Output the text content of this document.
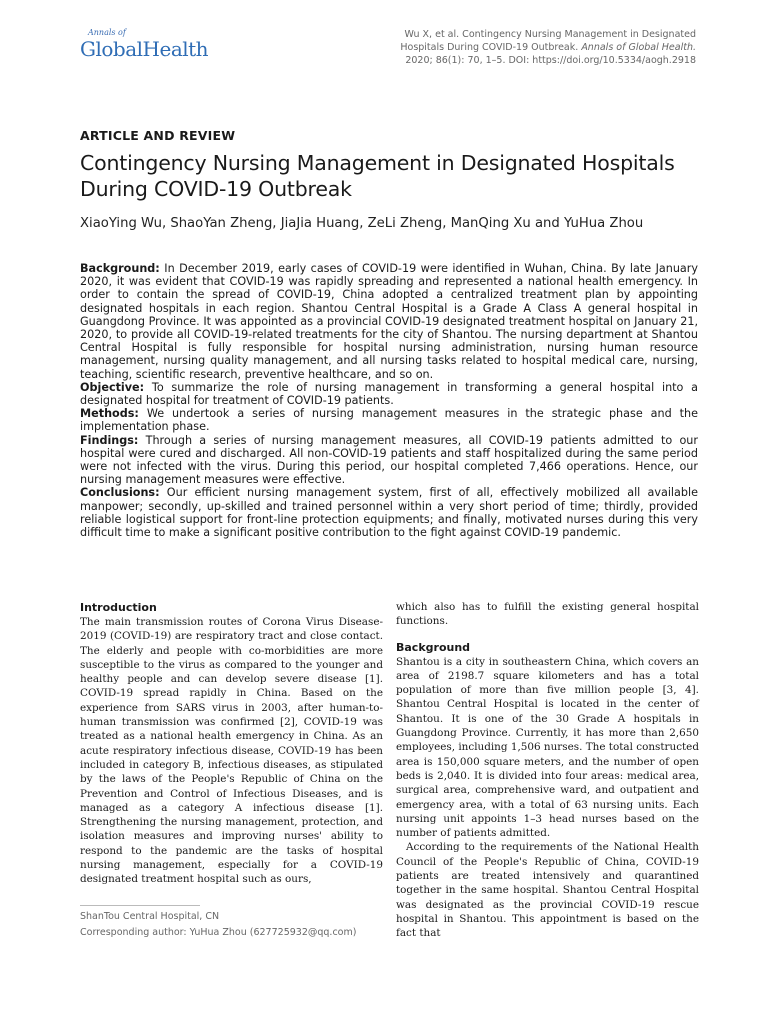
Annals of
GlobalHealth
Wu X, et al. Contingency Nursing Management in Designated Hospitals During COVID-19 Outbreak. Annals of Global Health. 2020; 86(1): 70, 1–5. DOI: https://doi.org/10.5334/aogh.2918
ARTICLE AND REVIEW
Contingency Nursing Management in Designated Hospitals During COVID-19 Outbreak
XiaoYing Wu, ShaoYan Zheng, JiaJia Huang, ZeLi Zheng, ManQing Xu and YuHua Zhou

Background: In December 2019, early cases of COVID-19 were identified in Wuhan, China. By late January 2020, it was evident that COVID-19 was rapidly spreading and represented a national health emergency. In order to contain the spread of COVID-19, China adopted a centralized treatment plan by appointing designated hospitals in each region. Shantou Central Hospital is a Grade A Class A general hospital in Guangdong Province. It was appointed as a provincial COVID-19 designated treatment hospital on January 21, 2020, to provide all COVID-19-related treatments for the city of Shantou. The nursing department at Shantou Central Hospital is fully responsible for hospital nursing administration, nursing human resource management, nursing quality management, and all nursing tasks related to hospital medical care, nursing, teaching, scientific research, preventive healthcare, and so on.

Objective: To summarize the role of nursing management in transforming a general hospital into a designated hospital for treatment of COVID-19 patients.

Methods: We undertook a series of nursing management measures in the strategic phase and the implementation phase.

Findings: Through a series of nursing management measures, all COVID-19 patients admitted to our hospital were cured and discharged. All non-COVID-19 patients and staff hospitalized during the same period were not infected with the virus. During this period, our hospital completed 7,466 operations. Hence, our nursing management measures were effective.

Conclusions: Our efficient nursing management system, first of all, effectively mobilized all available manpower; secondly, up-skilled and trained personnel within a very short period of time; thirdly, provided reliable logistical support for front-line protection equipments; and finally, motivated nurses during this very difficult time to make a significant positive contribution to the fight against COVID-19 pandemic.

Introduction

The main transmission routes of Corona Virus Disease-2019 (COVID-19) are respiratory tract and close contact. The elderly and people with co-morbidities are more susceptible to the virus as compared to the younger and healthy people and can develop severe disease [1]. COVID-19 spread rapidly in China. Based on the experience from SARS virus in 2003, after human-to-human transmission was confirmed [2], COVID-19 was treated as a national health emergency in China. As an acute respiratory infectious disease, COVID-19 has been included in category B, infectious diseases, as stipulated by the laws of the People's Republic of China on the Prevention and Control of Infectious Diseases, and is managed as a category A infectious disease [1]. Strengthening the nursing management, protection, and isolation measures and improving nurses' ability to respond to the pandemic are the tasks of hospital nursing management, especially for a COVID-19 designated treatment hospital such as ours,

which also has to fulfill the existing general hospital functions.

Background

Shantou is a city in southeastern China, which covers an area of 2198.7 square kilometers and has a total population of more than five million people [3, 4]. Shantou Central Hospital is located in the center of Shantou. It is one of the 30 Grade A hospitals in Guangdong Province. Currently, it has more than 2,650 employees, including 1,506 nurses. The total constructed area is 150,000 square meters, and the number of open beds is 2,040. It is divided into four areas: medical area, surgical area, comprehensive ward, and outpatient and emergency area, with a total of 63 nursing units. Each nursing unit appoints 1–3 head nurses based on the number of patients admitted.

According to the requirements of the National Health Council of the People's Republic of China, COVID-19 patients are treated intensively and quarantined together in the same hospital. Shantou Central Hospital was designated as the provincial COVID-19 rescue hospital in Shantou. This appointment is based on the fact that

ShanTou Central Hospital, CN
Corresponding author: YuHua Zhou (627725932@qq.com)
